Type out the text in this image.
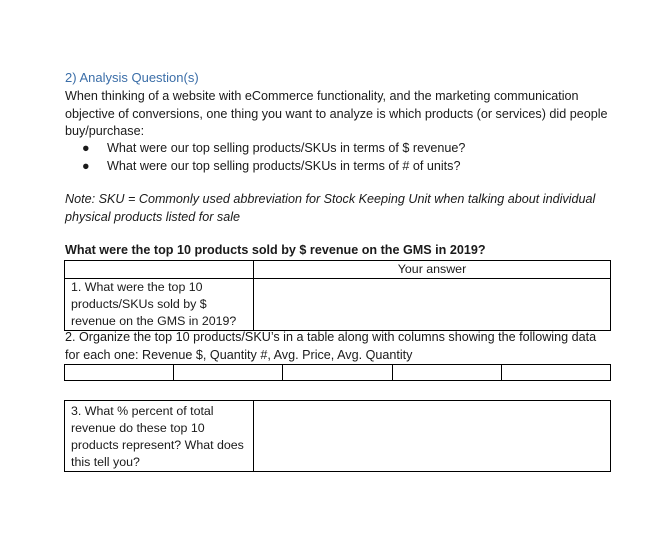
2) Analysis Question(s)
When thinking of a website with eCommerce functionality, and the marketing communication objective of conversions, one thing you want to analyze is which products (or services) did people buy/purchase:
●	What were our top selling products/SKUs in terms of $ revenue?
●	What were our top selling products/SKUs in terms of # of units?
Note: SKU = Commonly used abbreviation for Stock Keeping Unit when talking about individual physical products listed for sale
What were the top 10 products sold by $ revenue on the GMS in 2019?
	Your answer
1. What were the top 10 products/SKUs sold by $ revenue on the GMS in 2019?	
2. Organize the top 10 products/SKU’s in a table along with columns showing the following data for each one: Revenue $, Quantity #, Avg. Price, Avg. Quantity

3. What % percent of total revenue do these top 10 products represent? What does this tell you?	
